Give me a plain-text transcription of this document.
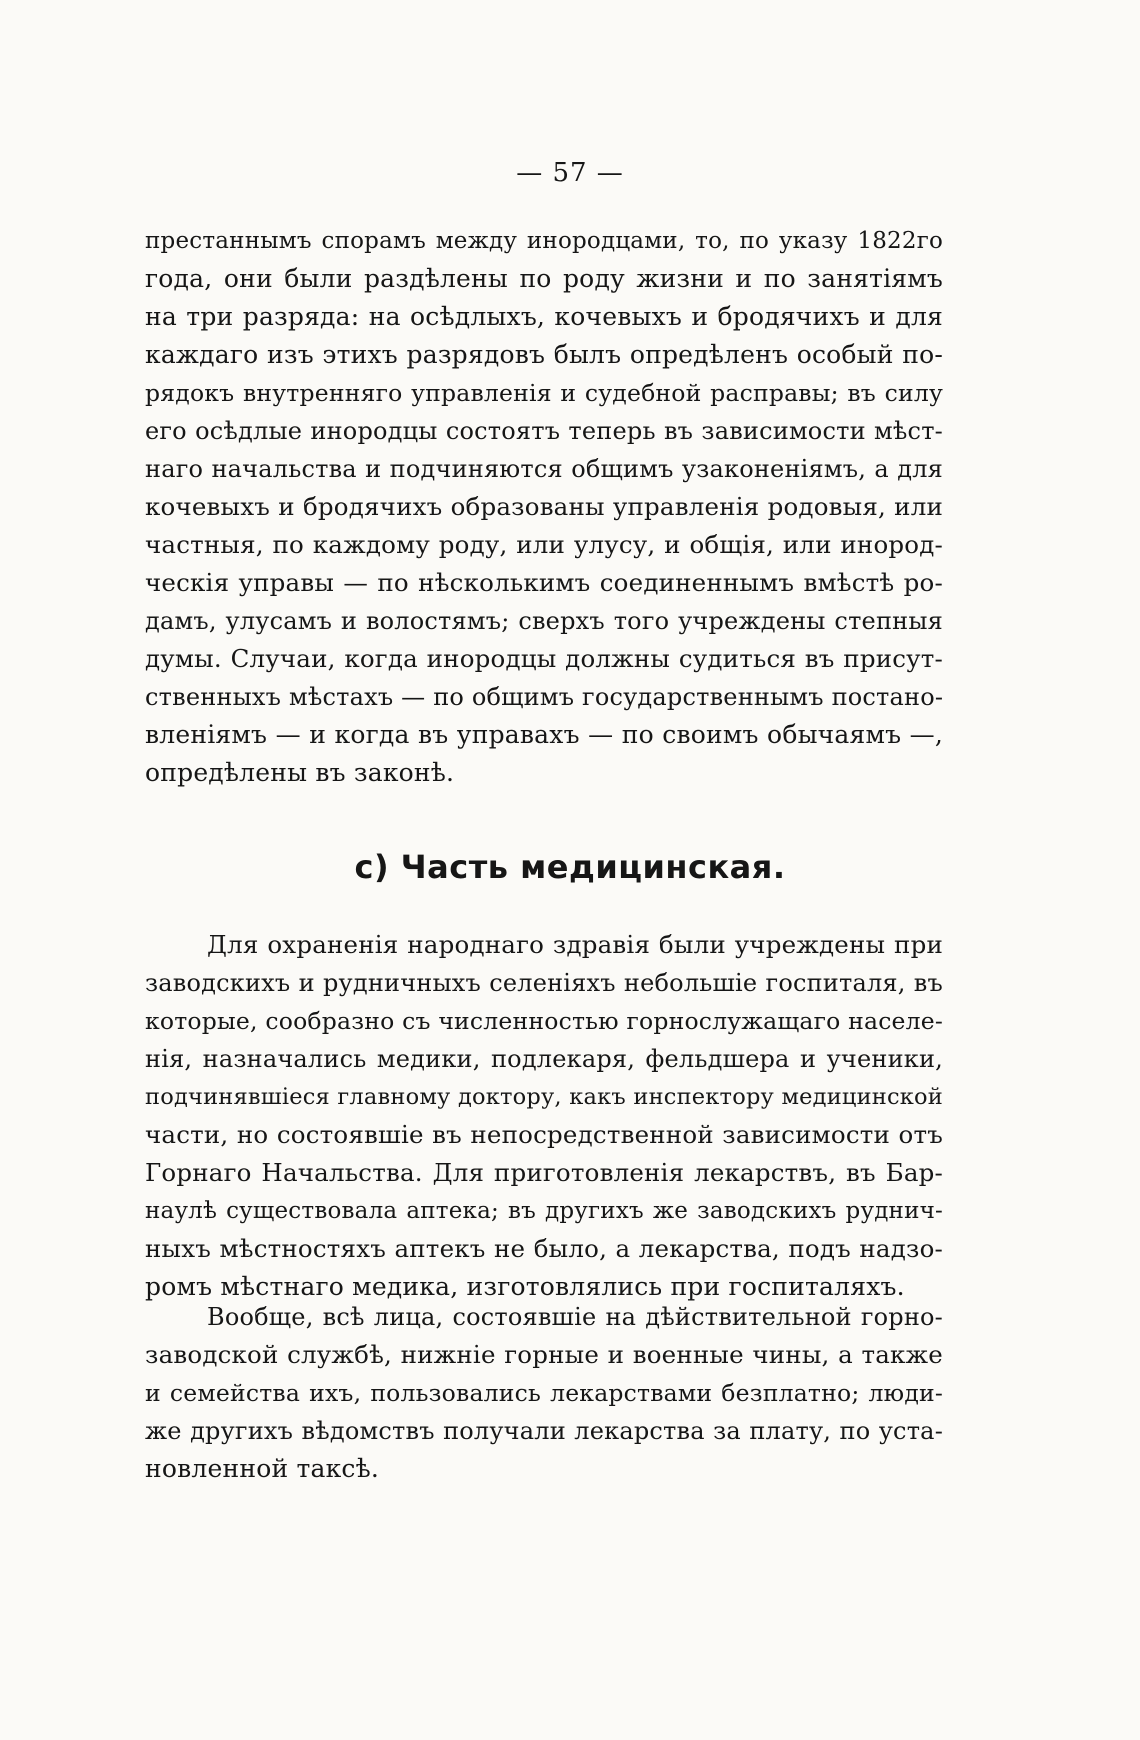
— 57 —
престаннымъ спорамъ между инородцами, то, по указу 1822го
года, они были раздѣлены по роду жизни и по занятіямъ
на три разряда: на осѣдлыхъ, кочевыхъ и бродячихъ и для
каждаго изъ этихъ разрядовъ былъ опредѣленъ особый по-
рядокъ внутренняго управленія и судебной расправы; въ силу
его осѣдлые инородцы состоятъ теперь въ зависимости мѣст-
наго начальства и подчиняются общимъ узаконеніямъ, а для
кочевыхъ и бродячихъ образованы управленія родовыя, или
частныя, по каждому роду, или улусу, и общія, или инород-
ческія управы — по нѣсколькимъ соединеннымъ вмѣстѣ ро-
дамъ, улусамъ и волостямъ; сверхъ того учреждены степныя
думы. Случаи, когда инородцы должны судиться въ присут-
ственныхъ мѣстахъ — по общимъ государственнымъ постано-
вленіямъ — и когда въ управахъ — по своимъ обычаямъ —,
опредѣлены въ законѣ.
с) Часть медицинская.
Для охраненія народнаго здравія были учреждены при
заводскихъ и рудничныхъ селеніяхъ небольшіе госпиталя, въ
которые, сообразно съ численностью горнослужащаго населе-
нія, назначались медики, подлекаря, фельдшера и ученики,
подчинявшіеся главному доктору, какъ инспектору медицинской
части, но состоявшіе въ непосредственной зависимости отъ
Горнаго Начальства. Для приготовленія лекарствъ, въ Бар-
наулѣ существовала аптека; въ другихъ же заводскихъ руднич-
ныхъ мѣстностяхъ аптекъ не было, а лекарства, подъ надзо-
ромъ мѣстнаго медика, изготовлялись при госпиталяхъ.
Вообще, всѣ лица, состоявшіе на дѣйствительной горно-
заводской службѣ, нижніе горные и военные чины, а также
и семейства ихъ, пользовались лекарствами безплатно; люди-
же другихъ вѣдомствъ получали лекарства за плату, по уста-
новленной таксѣ.
